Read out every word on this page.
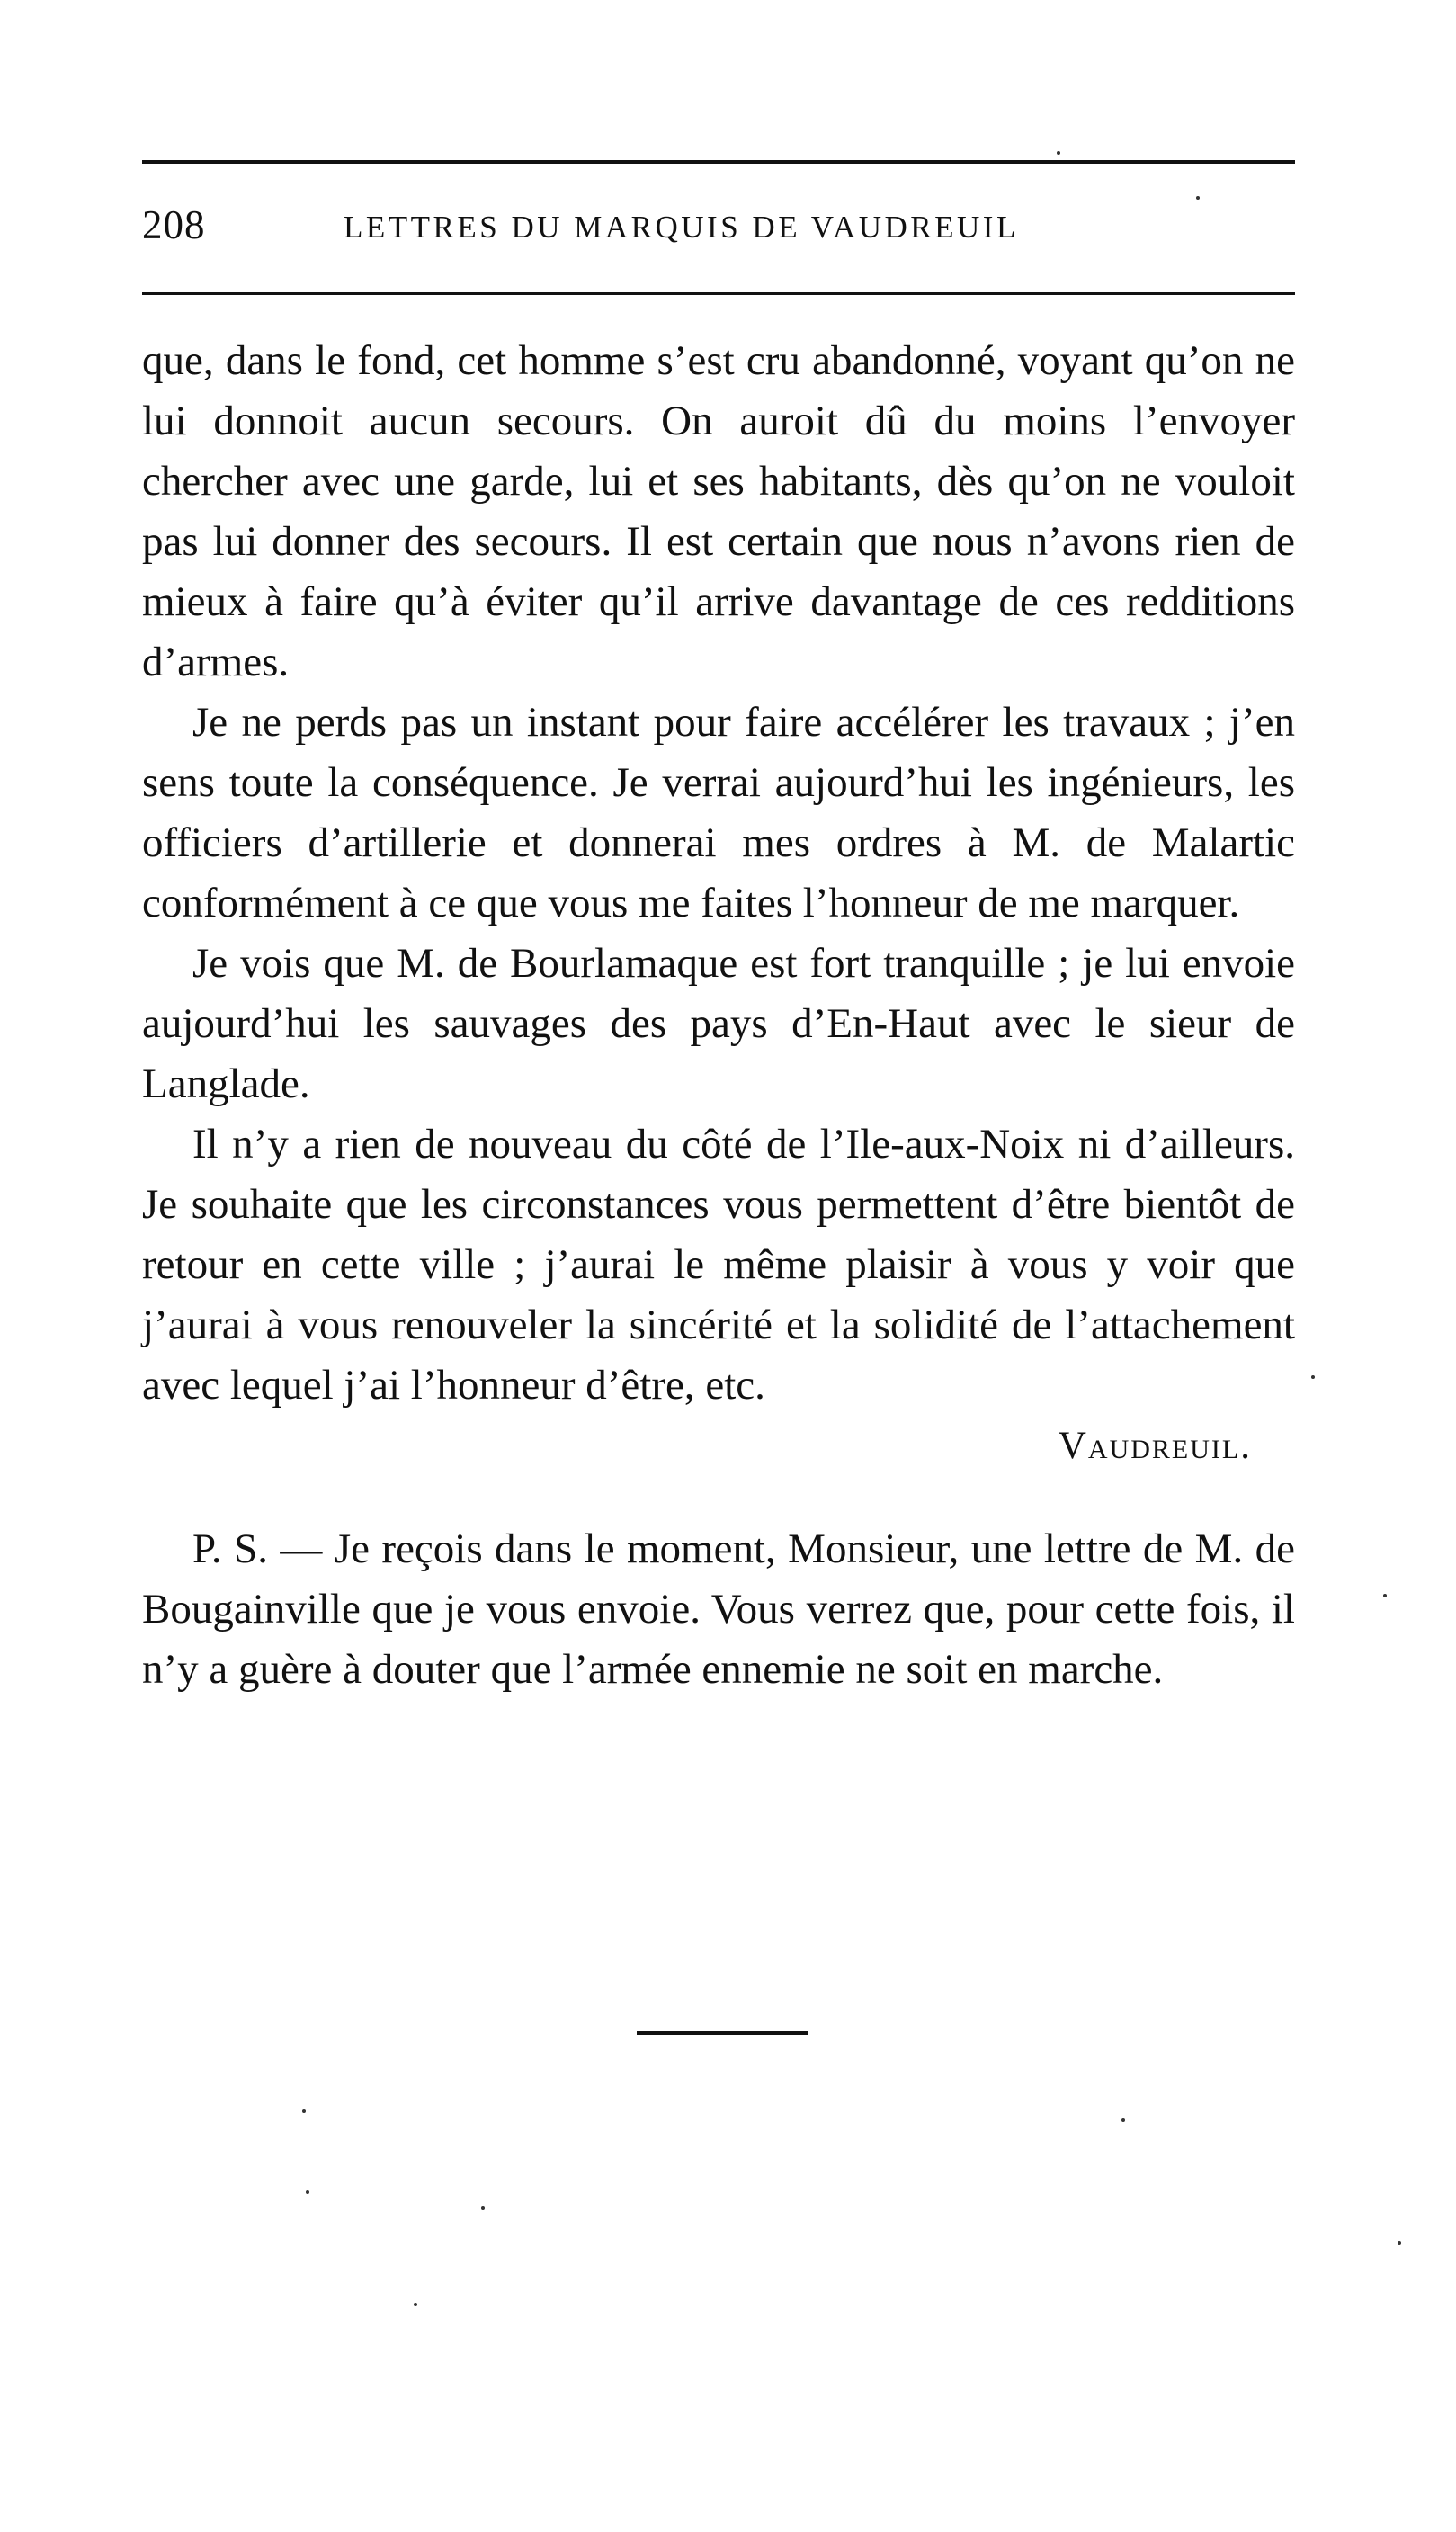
208	LETTRES DU MARQUIS DE VAUDREUIL

que, dans le fond, cet homme s’est cru abandonné, voyant qu’on ne lui donnoit aucun secours. On auroit dû du moins l’envoyer chercher avec une garde, lui et ses habitants, dès qu’on ne vouloit pas lui donner des secours. Il est certain que nous n’avons rien de mieux à faire qu’à éviter qu’il arrive davantage de ces redditions d’armes.

Je ne perds pas un instant pour faire accélérer les travaux ; j’en sens toute la conséquence. Je verrai aujourd’hui les ingénieurs, les officiers d’artillerie et donnerai mes ordres à M. de Malartic conformément à ce que vous me faites l’honneur de me marquer.

Je vois que M. de Bourlamaque est fort tranquille ; je lui envoie aujourd’hui les sauvages des pays d’En-Haut avec le sieur de Langlade.

Il n’y a rien de nouveau du côté de l’Ile-aux-Noix ni d’ailleurs. Je souhaite que les circonstances vous permettent d’être bientôt de retour en cette ville ; j’aurai le même plaisir à vous y voir que j’aurai à vous renouveler la sincérité et la solidité de l’attachement avec lequel j’ai l’honneur d’être, etc.

Vaudreuil.

P. S. — Je reçois dans le moment, Monsieur, une lettre de M. de Bougainville que je vous envoie. Vous verrez que, pour cette fois, il n’y a guère à douter que l’armée ennemie ne soit en marche.
